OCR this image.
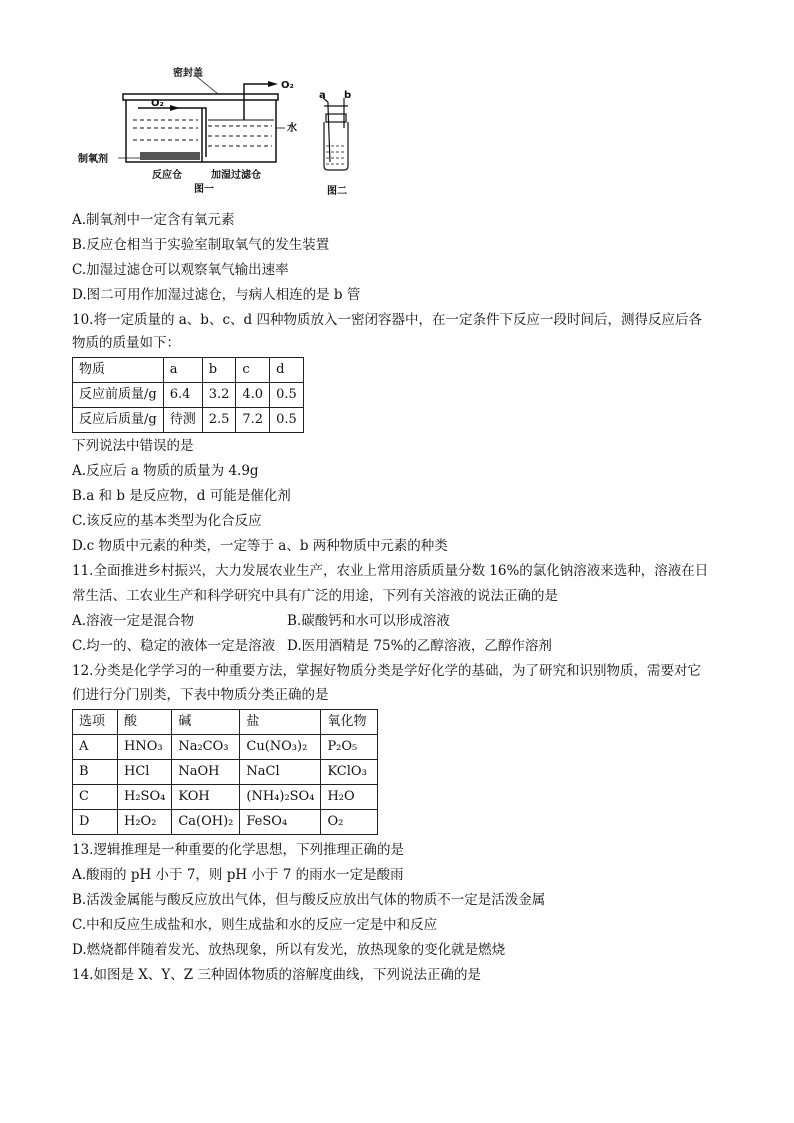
密封盖
O₂
O₂
水
制氧剂
反应仓	加湿过滤仓
图一
a b
图二
A.制氧剂中一定含有氧元素
B.反应仓相当于实验室制取氧气的发生装置
C.加湿过滤仓可以观察氧气输出速率
D.图二可用作加湿过滤仓，与病人相连的是 b 管
10.将一定质量的 a、b、c、d 四种物质放入一密闭容器中，在一定条件下反应一段时间后，测得反应后各
物质的质量如下：
物质	a	b	c	d
反应前质量/g	6.4	3.2	4.0	0.5
反应后质量/g	待测	2.5	7.2	0.5
下列说法中错误的是
A.反应后 a 物质的质量为 4.9g
B.a 和 b 是反应物，d 可能是催化剂
C.该反应的基本类型为化合反应
D.c 物质中元素的种类，一定等于 a、b 两种物质中元素的种类
11.全面推进乡村振兴，大力发展农业生产，农业上常用溶质质量分数 16%的氯化钠溶液来选种，溶液在日
常生活、工农业生产和科学研究中具有广泛的用途，下列有关溶液的说法正确的是
A.溶液一定是混合物	B.碳酸钙和水可以形成溶液
C.均一的、稳定的液体一定是溶液 D.医用酒精是 75%的乙醇溶液，乙醇作溶剂
12.分类是化学学习的一种重要方法，掌握好物质分类是学好化学的基础，为了研究和识别物质，需要对它
们进行分门别类，下表中物质分类正确的是
选项	酸	碱	盐	氧化物
A	HNO₃	Na₂CO₃	Cu(NO₃)₂	P₂O₅
B	HCl	NaOH	NaCl	KClO₃
C	H₂SO₄	KOH	(NH₄)₂SO₄	H₂O
D	H₂O₂	Ca(OH)₂	FeSO₄	O₂
13.逻辑推理是一种重要的化学思想，下列推理正确的是
A.酸雨的 pH 小于 7，则 pH 小于 7 的雨水一定是酸雨
B.活泼金属能与酸反应放出气体，但与酸反应放出气体的物质不一定是活泼金属
C.中和反应生成盐和水，则生成盐和水的反应一定是中和反应
D.燃烧都伴随着发光、放热现象，所以有发光，放热现象的变化就是燃烧
14.如图是 X、Y、Z 三种固体物质的溶解度曲线，下列说法正确的是
